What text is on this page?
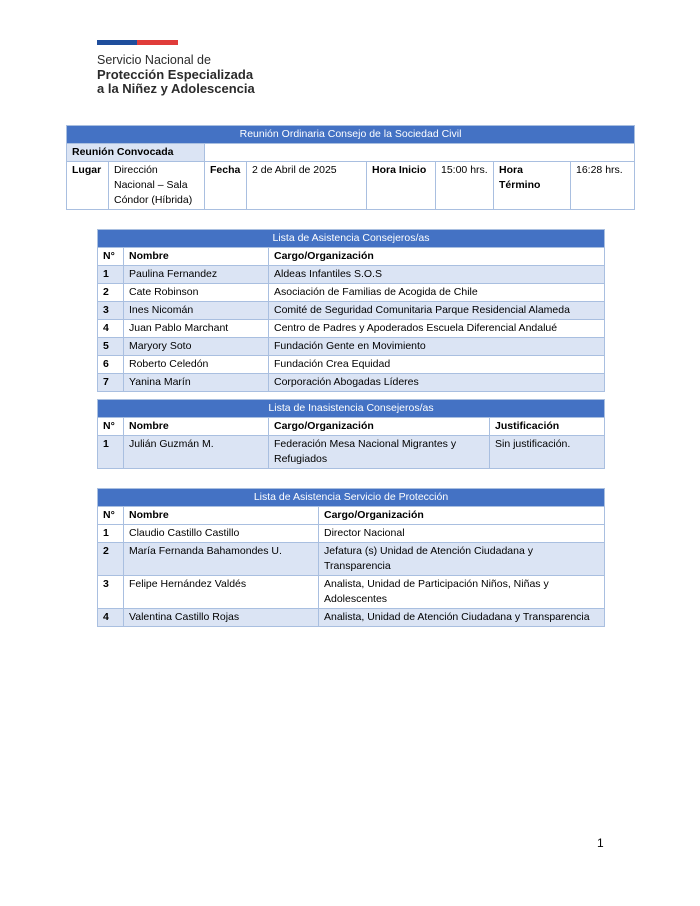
Servicio Nacional de
Protección Especializada
a la Niñez y Adolescencia
Reunión Ordinaria Consejo de la Sociedad Civil							
Reunión Convocada							
Lugar	Dirección Nacional – Sala Cóndor (Híbrida)	Fecha	2 de Abril de 2025	Hora Inicio	15:00 hrs.	Hora Término	16:28 hrs.
Lista de Asistencia Consejeros/as		
N°	Nombre	Cargo/Organización
1	Paulina Fernandez	Aldeas Infantiles S.O.S
2	Cate Robinson	Asociación de Familias de Acogida de Chile
3	Ines Nicomán	Comité de Seguridad Comunitaria Parque Residencial Alameda
4	Juan Pablo Marchant	Centro de Padres y Apoderados Escuela Diferencial Andalué
5	Maryory Soto	Fundación Gente en Movimiento
6	Roberto Celedón	Fundación Crea Equidad
7	Yanina Marín	Corporación Abogadas Líderes
Lista de Inasistencia Consejeros/as			
N°	Nombre	Cargo/Organización	Justificación
1	Julián Guzmán M.	Federación Mesa Nacional Migrantes y Refugiados	Sin justificación.
Lista de Asistencia Servicio de Protección		
N°	Nombre	Cargo/Organización
1	Claudio Castillo Castillo	Director Nacional
2	María Fernanda Bahamondes U.	Jefatura (s) Unidad de Atención Ciudadana y Transparencia
3	Felipe Hernández Valdés	Analista, Unidad de Participación Niños, Niñas y Adolescentes
4	Valentina Castillo Rojas	Analista, Unidad de Atención Ciudadana y Transparencia
1
